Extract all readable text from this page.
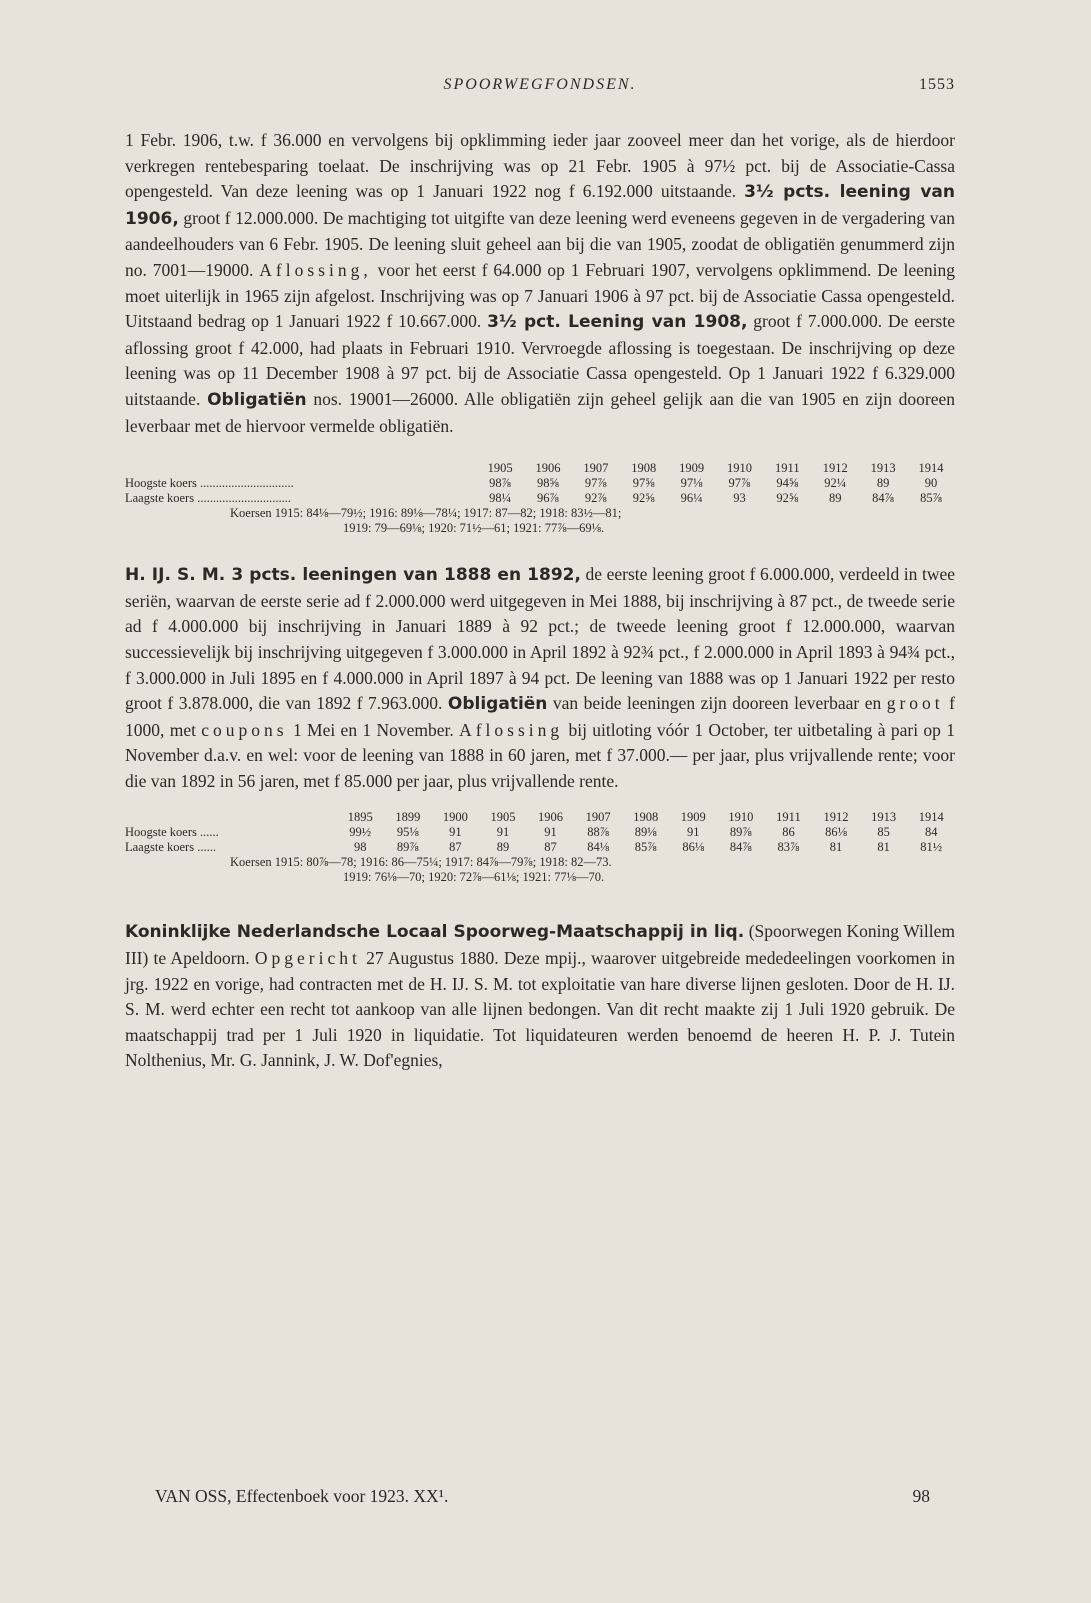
SPOORWEGFONDSEN.	1553

1 Febr. 1906, t.w. f 36.000 en vervolgens bij opklimming ieder jaar zooveel meer dan het vorige, als de hierdoor verkregen rentebesparing toelaat. De inschrijving was op 21 Febr. 1905 à 97½ pct. bij de Associatie-Cassa opengesteld. Van deze leening was op 1 Januari 1922 nog f 6.192.000 uitstaande. 3½ pcts. leening van 1906, groot f 12.000.000. De machtiging tot uitgifte van deze leening werd eveneens gegeven in de vergadering van aandeelhouders van 6 Febr. 1905. De leening sluit geheel aan bij die van 1905, zoodat de obligatiën genummerd zijn no. 7001—19000. Aflossing, voor het eerst f 64.000 op 1 Februari 1907, vervolgens opklimmend. De leening moet uiterlijk in 1965 zijn afgelost. Inschrijving was op 7 Januari 1906 à 97 pct. bij de Associatie Cassa opengesteld. Uitstaand bedrag op 1 Januari 1922 f 10.667.000. 3½ pct. Leening van 1908, groot f 7.000.000. De eerste aflossing groot f 42.000, had plaats in Februari 1910. Vervroegde aflossing is toegestaan. De inschrijving op deze leening was op 11 December 1908 à 97 pct. bij de Associatie Cassa opengesteld. Op 1 Januari 1922 f 6.329.000 uitstaande. Obligatiën nos. 19001—26000. Alle obligatiën zijn geheel gelijk aan die van 1905 en zijn dooreen leverbaar met de hiervoor vermelde obligatiën.

	1905	1906	1907	1908	1909	1910	1911	1912	1913	1914
Hoogste koers ..............................	98⅞	98⅝	97⅞	97⅝	97⅛	97⅞	94⅝	92¼	89	90
Laagste koers ..............................	98¼	96⅞	92⅞	92⅝	96¼	93	92⅝	89	84⅞	85⅞
Koersen 1915: 84⅛—79½; 1916: 89⅛—78¼; 1917: 87—82; 1918: 83½—81;
1919: 79—69⅛; 1920: 71½—61; 1921: 77⅞—69⅛.

H. IJ. S. M. 3 pcts. leeningen van 1888 en 1892, de eerste leening groot f 6.000.000, verdeeld in twee seriën, waarvan de eerste serie ad f 2.000.000 werd uitgegeven in Mei 1888, bij inschrijving à 87 pct., de tweede serie ad f 4.000.000 bij inschrijving in Januari 1889 à 92 pct.; de tweede leening groot f 12.000.000, waarvan successievelijk bij inschrijving uitgegeven f 3.000.000 in April 1892 à 92¾ pct., f 2.000.000 in April 1893 à 94¾ pct., f 3.000.000 in Juli 1895 en f 4.000.000 in April 1897 à 94 pct. De leening van 1888 was op 1 Januari 1922 per resto groot f 3.878.000, die van 1892 f 7.963.000. Obligatiën van beide leeningen zijn dooreen leverbaar en groot f 1000, met coupons 1 Mei en 1 November. Aflossing bij uitloting vóór 1 October, ter uitbetaling à pari op 1 November d.a.v. en wel: voor de leening van 1888 in 60 jaren, met f 37.000.— per jaar, plus vrijvallende rente; voor die van 1892 in 56 jaren, met f 85.000 per jaar, plus vrijvallende rente.

	1895	1899	1900	1905	1906	1907	1908	1909	1910	1911	1912	1913	1914
Hoogste koers ......	99½	95⅛	91	91	91	88⅞	89⅛	91	89⅞	86	86⅛	85	84
Laagste koers ......	98	89⅞	87	89	87	84⅛	85⅞	86⅛	84⅞	83⅞	81	81	81½
Koersen 1915: 80⅞—78; 1916: 86—75¼; 1917: 84⅞—79⅞; 1918: 82—73.
1919: 76⅛—70; 1920: 72⅞—61⅛; 1921: 77⅛—70.

Koninklijke Nederlandsche Locaal Spoorweg-Maatschappij in liq. (Spoorwegen Koning Willem III) te Apeldoorn. Opgericht 27 Augustus 1880. Deze mpij., waarover uitgebreide mededeelingen voorkomen in jrg. 1922 en vorige, had contracten met de H. IJ. S. M. tot exploitatie van hare diverse lijnen gesloten. Door de H. IJ. S. M. werd echter een recht tot aankoop van alle lijnen bedongen. Van dit recht maakte zij 1 Juli 1920 gebruik. De maatschappij trad per 1 Juli 1920 in liquidatie. Tot liquidateuren werden benoemd de heeren H. P. J. Tutein Nolthenius, Mr. G. Jannink, J. W. Dof'egnies,

VAN OSS, Effectenboek voor 1923. XX¹.	98
